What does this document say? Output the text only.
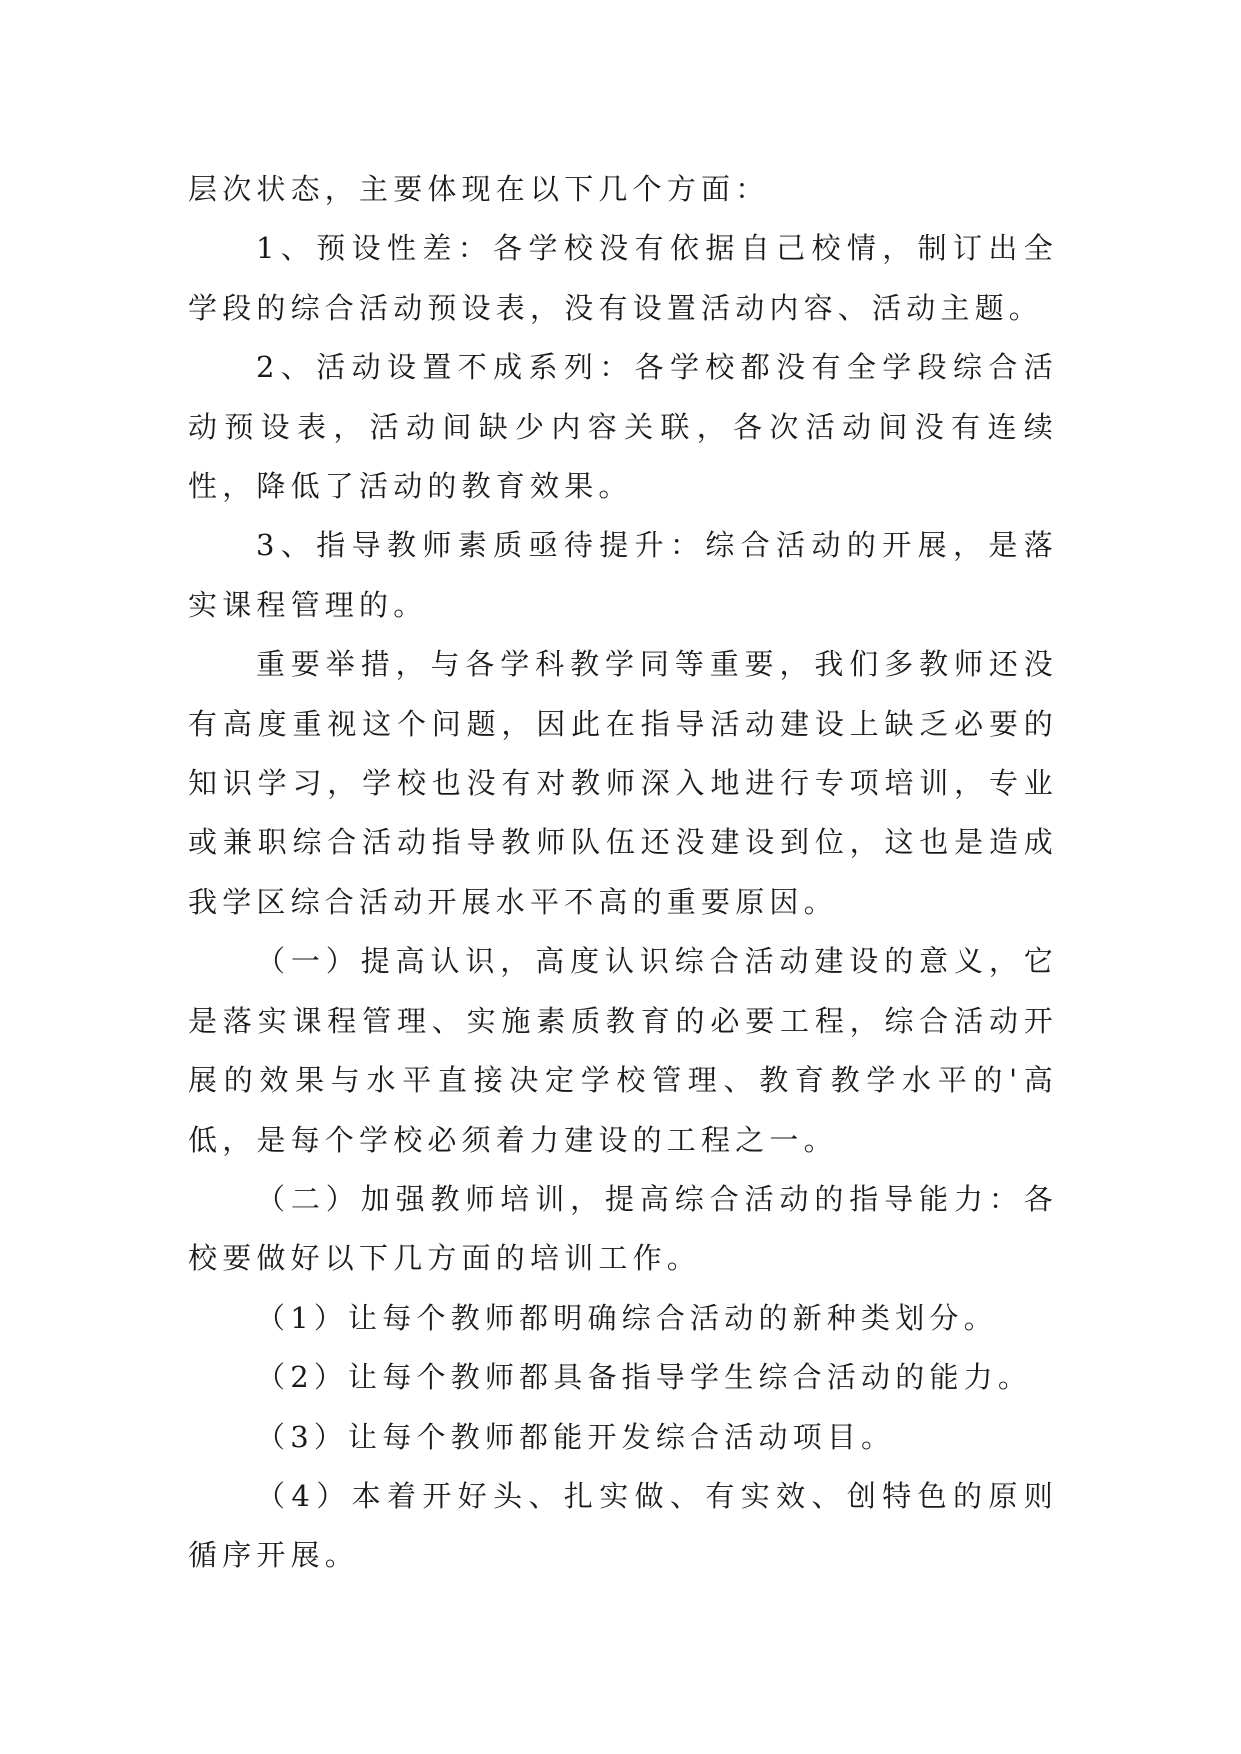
层次状态，主要体现在以下几个方面：

1、预设性差：各学校没有依据自己校情，制订出全学段的综合活动预设表，没有设置活动内容、活动主题。

2、活动设置不成系列：各学校都没有全学段综合活动预设表，活动间缺少内容关联，各次活动间没有连续性，降低了活动的教育效果。

3、指导教师素质亟待提升：综合活动的开展，是落实课程管理的。

重要举措，与各学科教学同等重要，我们多教师还没有高度重视这个问题，因此在指导活动建设上缺乏必要的知识学习，学校也没有对教师深入地进行专项培训，专业或兼职综合活动指导教师队伍还没建设到位，这也是造成我学区综合活动开展水平不高的重要原因。

（一）提高认识，高度认识综合活动建设的意义，它是落实课程管理、实施素质教育的必要工程，综合活动开展的效果与水平直接决定学校管理、教育教学水平的'高低，是每个学校必须着力建设的工程之一。

（二）加强教师培训，提高综合活动的指导能力：各校要做好以下几方面的培训工作。

（1）让每个教师都明确综合活动的新种类划分。

（2）让每个教师都具备指导学生综合活动的能力。

（3）让每个教师都能开发综合活动项目。

（4）本着开好头、扎实做、有实效、创特色的原则循序开展。
